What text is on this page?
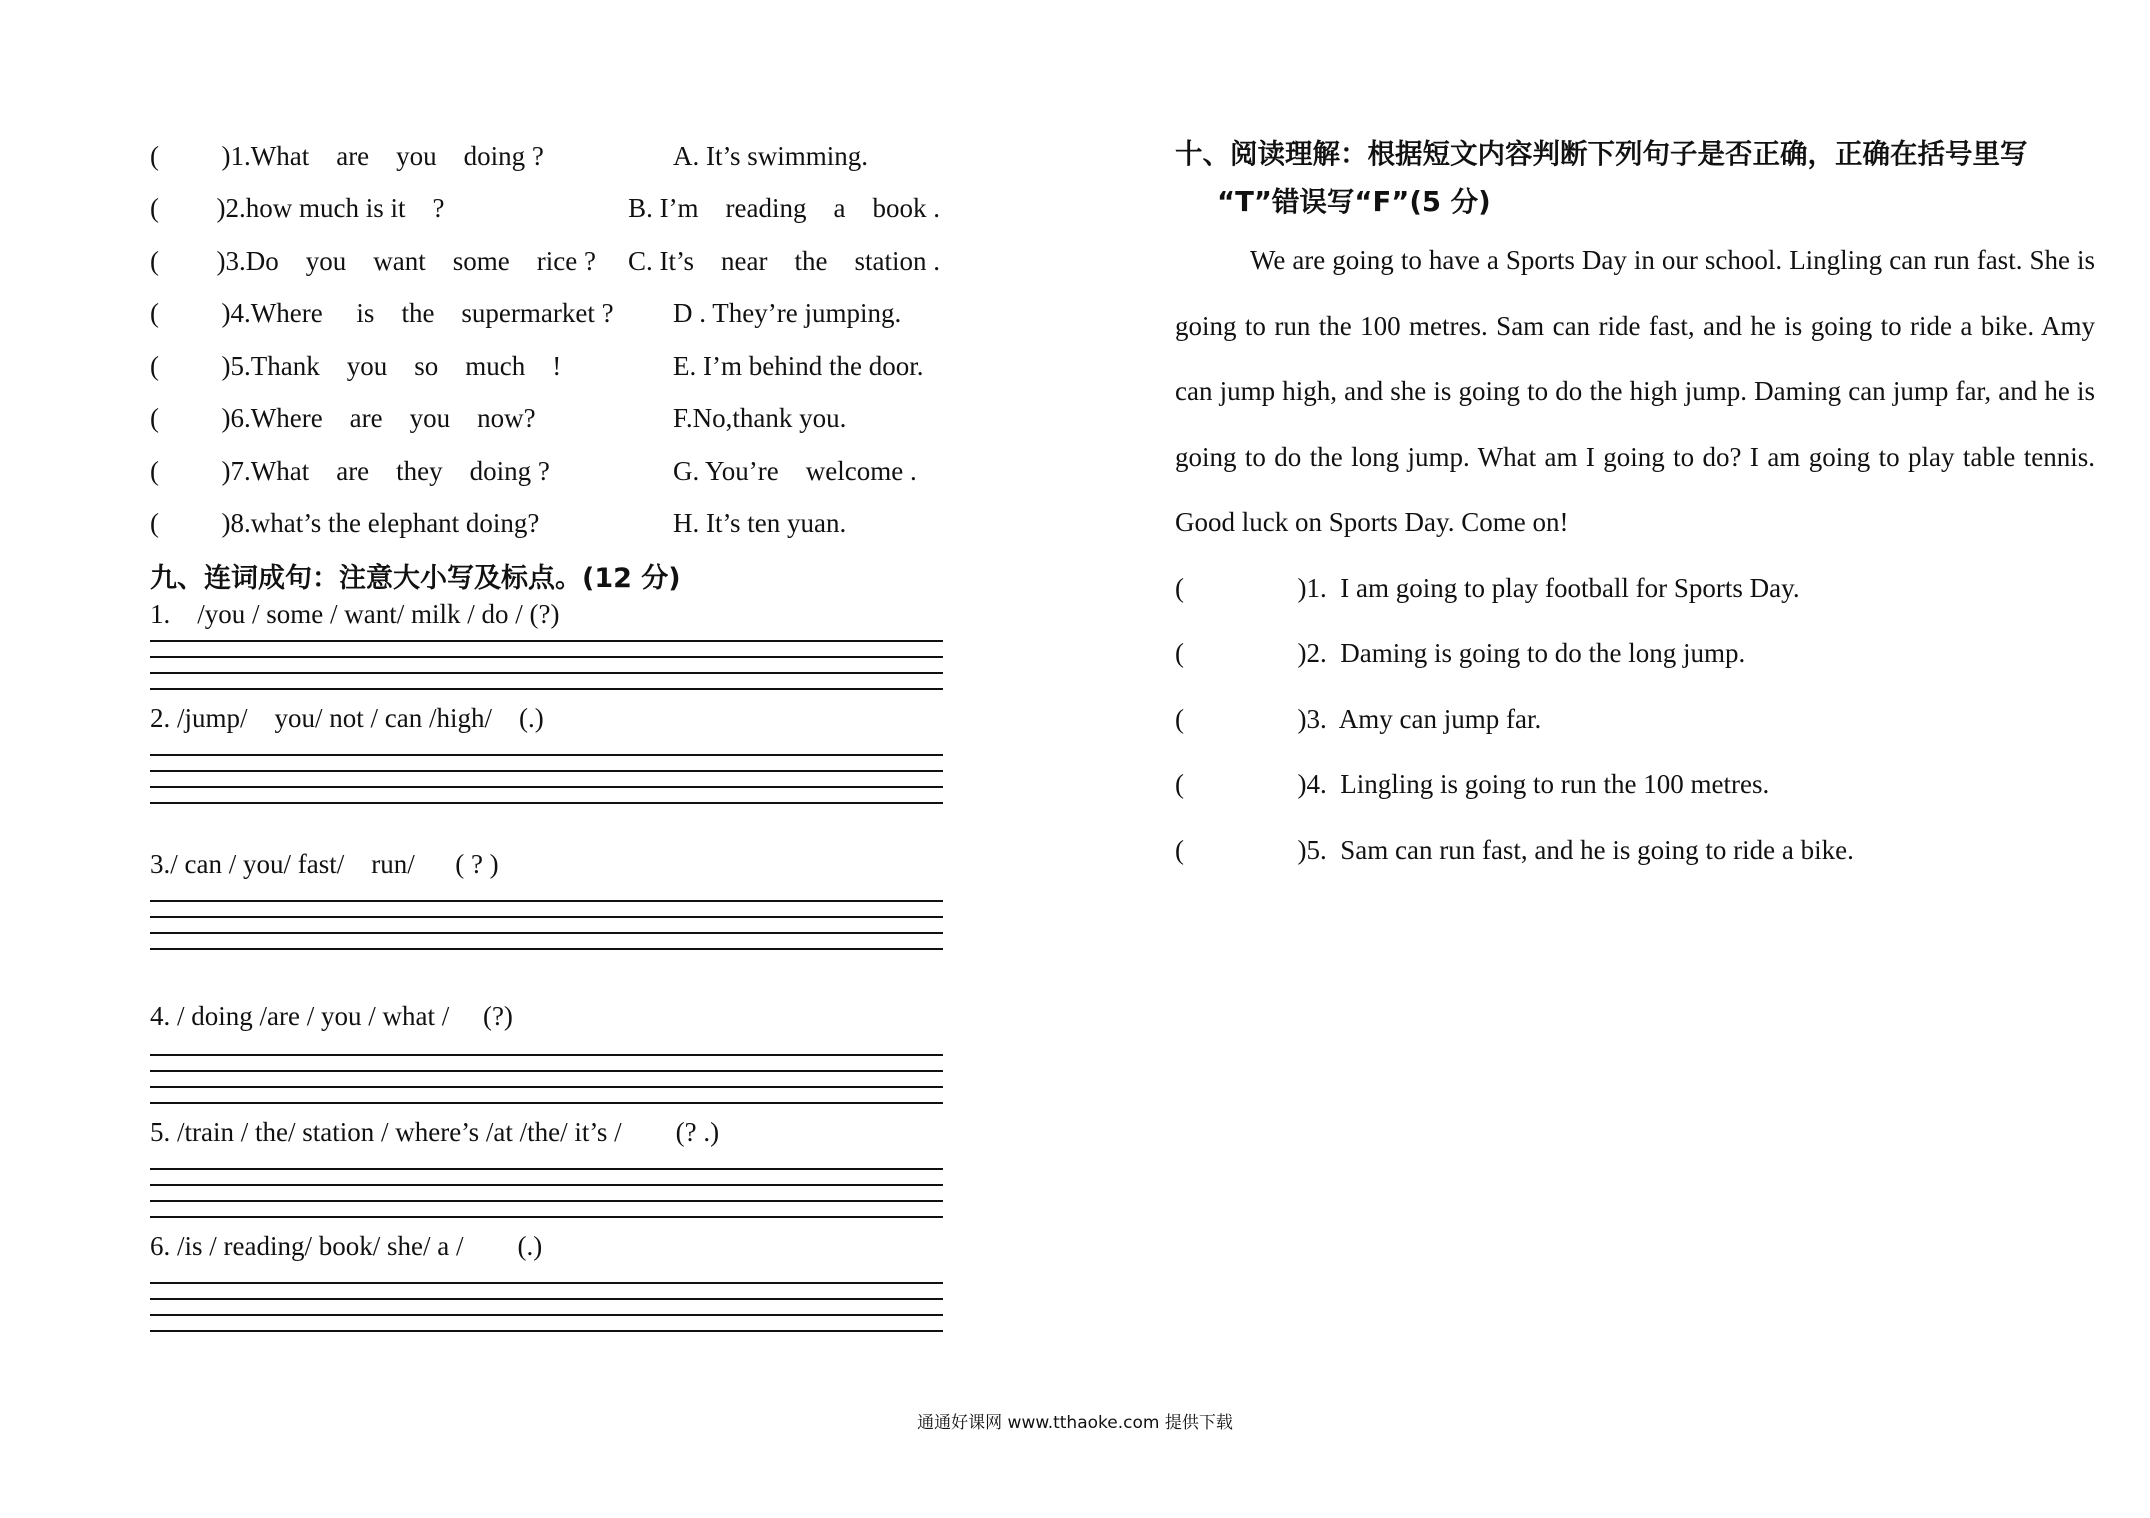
(	)1.What    are    you    doing ?	A. It’s swimming.
(	)2.how much is it    ?	B. I’m    reading    a    book .
(	)3.Do    you    want    some    rice ?	C. It’s    near    the    station .
(	)4.Where     is    the    supermarket ?	D . They’re jumping.
(	)5.Thank    you    so    much    !	E. I’m behind the door.
(	)6.Where    are    you    now?	F.No,thank you.
(	)7.What    are    they    doing ?	G. You’re    welcome .
(	)8.what’s the elephant doing?	H. It’s ten yuan.
九、连词成句：注意大小写及标点。(12 分)
1.    /you / some / want/ milk / do / (?)
2. /jump/    you/ not / can /high/    (.)
3./ can / you/ fast/    run/      ( ? )
4. / doing /are / you / what /     (?)
5. /train / the/ station / where’s /at /the/ it’s /        (? .)
6. /is / reading/ book/ she/ a /        (.)
十、阅读理解：根据短文内容判断下列句子是否正确，正确在括号里写
“T”错误写“F”(5 分)
We are going to have a Sports Day in our school. Lingling can run fast. She is going to run the 100 metres. Sam can ride fast, and he is going to ride a bike. Amy can jump high, and she is going to do the high jump. Daming can jump far, and he is going to do the long jump. What am I going to do? I am going to play table tennis. Good luck on Sports Day. Come on!
(	)1.  I am going to play football for Sports Day.
(	)2.  Daming is going to do the long jump.
(	)3.  Amy can jump far.
(	)4.  Lingling is going to run the 100 metres.
(	)5.  Sam can run fast, and he is going to ride a bike.
通通好课网 www.tthaoke.com 提供下载
